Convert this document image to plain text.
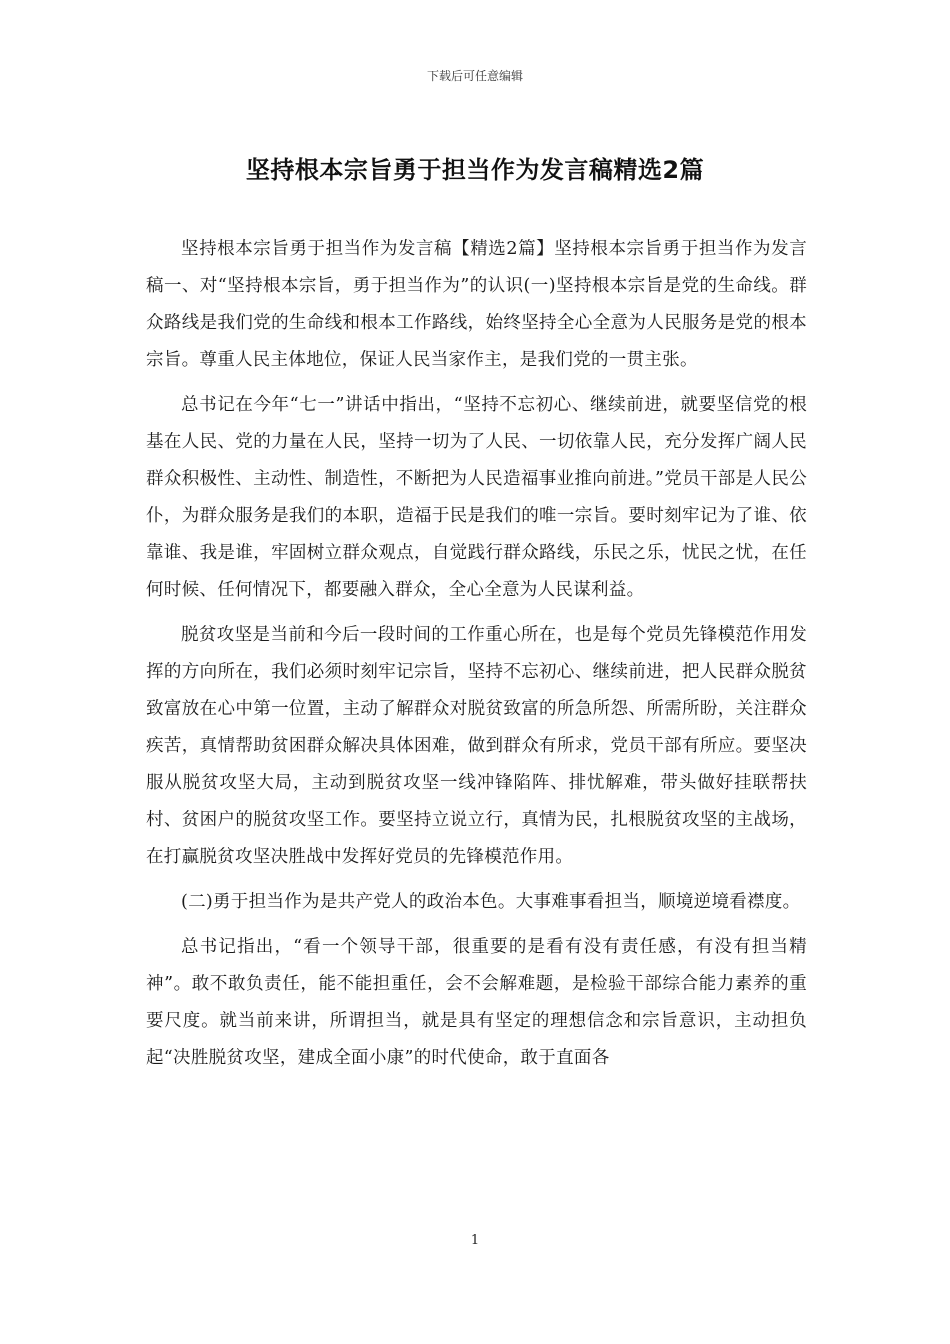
下载后可任意编辑
坚持根本宗旨勇于担当作为发言稿精选2篇

坚持根本宗旨勇于担当作为发言稿【精选2篇】坚持根本宗旨勇于担当作为发言稿一、对“坚持根本宗旨，勇于担当作为”的认识(一)坚持根本宗旨是党的生命线。群众路线是我们党的生命线和根本工作路线，始终坚持全心全意为人民服务是党的根本宗旨。尊重人民主体地位，保证人民当家作主，是我们党的一贯主张。

总书记在今年“七一”讲话中指出，“坚持不忘初心、继续前进，就要坚信党的根基在人民、党的力量在人民，坚持一切为了人民、一切依靠人民，充分发挥广阔人民群众积极性、主动性、制造性，不断把为人民造福事业推向前进。”党员干部是人民公仆，为群众服务是我们的本职，造福于民是我们的唯一宗旨。要时刻牢记为了谁、依靠谁、我是谁，牢固树立群众观点，自觉践行群众路线，乐民之乐，忧民之忧，在任何时候、任何情况下，都要融入群众，全心全意为人民谋利益。

脱贫攻坚是当前和今后一段时间的工作重心所在，也是每个党员先锋模范作用发挥的方向所在，我们必须时刻牢记宗旨，坚持不忘初心、继续前进，把人民群众脱贫致富放在心中第一位置，主动了解群众对脱贫致富的所急所怨、所需所盼，关注群众疾苦，真情帮助贫困群众解决具体困难，做到群众有所求，党员干部有所应。要坚决服从脱贫攻坚大局，主动到脱贫攻坚一线冲锋陷阵、排忧解难，带头做好挂联帮扶村、贫困户的脱贫攻坚工作。要坚持立说立行，真情为民，扎根脱贫攻坚的主战场，在打赢脱贫攻坚决胜战中发挥好党员的先锋模范作用。

(二)勇于担当作为是共产党人的政治本色。大事难事看担当，顺境逆境看襟度。

总书记指出，“看一个领导干部，很重要的是看有没有责任感，有没有担当精神”。敢不敢负责任，能不能担重任，会不会解难题，是检验干部综合能力素养的重要尺度。就当前来讲，所谓担当，就是具有坚定的理想信念和宗旨意识，主动担负起“决胜脱贫攻坚，建成全面小康”的时代使命，敢于直面各

1
